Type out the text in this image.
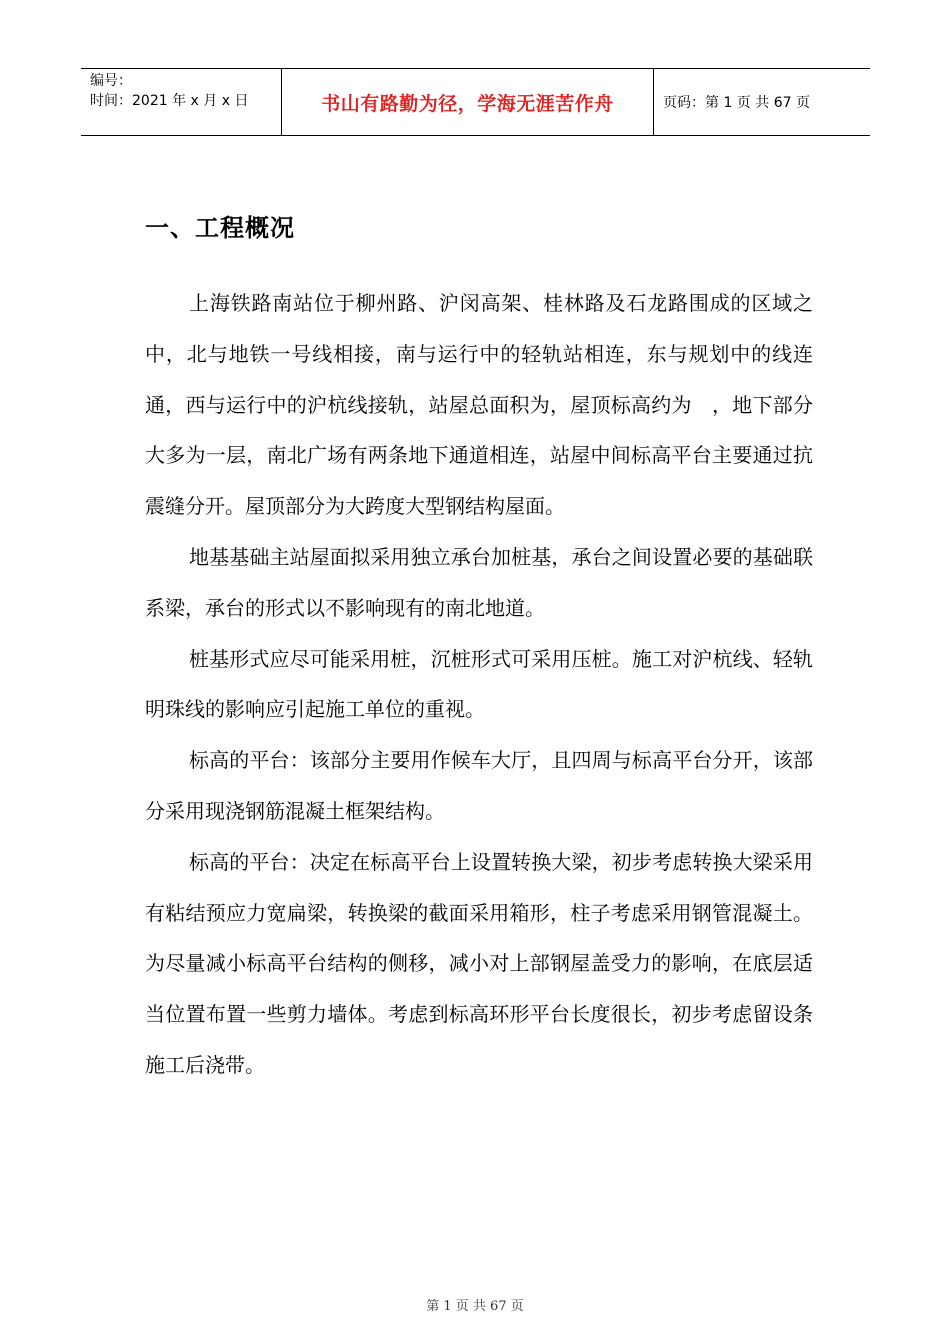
编号：
时间：2021 年 x 月 x 日	书山有路勤为径，学海无涯苦作舟	页码：第 1 页 共 67 页
一、工程概况

上海铁路南站位于柳州路、沪闵高架、桂林路及石龙路围成的区域之中，北与地铁一号线相接，南与运行中的轻轨站相连，东与规划中的线连通，西与运行中的沪杭线接轨，站屋总面积为，屋顶标高约为　，地下部分大多为一层，南北广场有两条地下通道相连，站屋中间标高平台主要通过抗震缝分开。屋顶部分为大跨度大型钢结构屋面。

地基基础主站屋面拟采用独立承台加桩基，承台之间设置必要的基础联系梁，承台的形式以不影响现有的南北地道。

桩基形式应尽可能采用桩，沉桩形式可采用压桩。施工对沪杭线、轻轨明珠线的影响应引起施工单位的重视。

标高的平台：该部分主要用作候车大厅，且四周与标高平台分开，该部分采用现浇钢筋混凝土框架结构。

标高的平台：决定在标高平台上设置转换大梁，初步考虑转换大梁采用有粘结预应力宽扁梁，转换梁的截面采用箱形，柱子考虑采用钢管混凝土。为尽量减小标高平台结构的侧移，减小对上部钢屋盖受力的影响，在底层适当位置布置一些剪力墙体。考虑到标高环形平台长度很长，初步考虑留设条施工后浇带。

第 1 页 共 67 页
